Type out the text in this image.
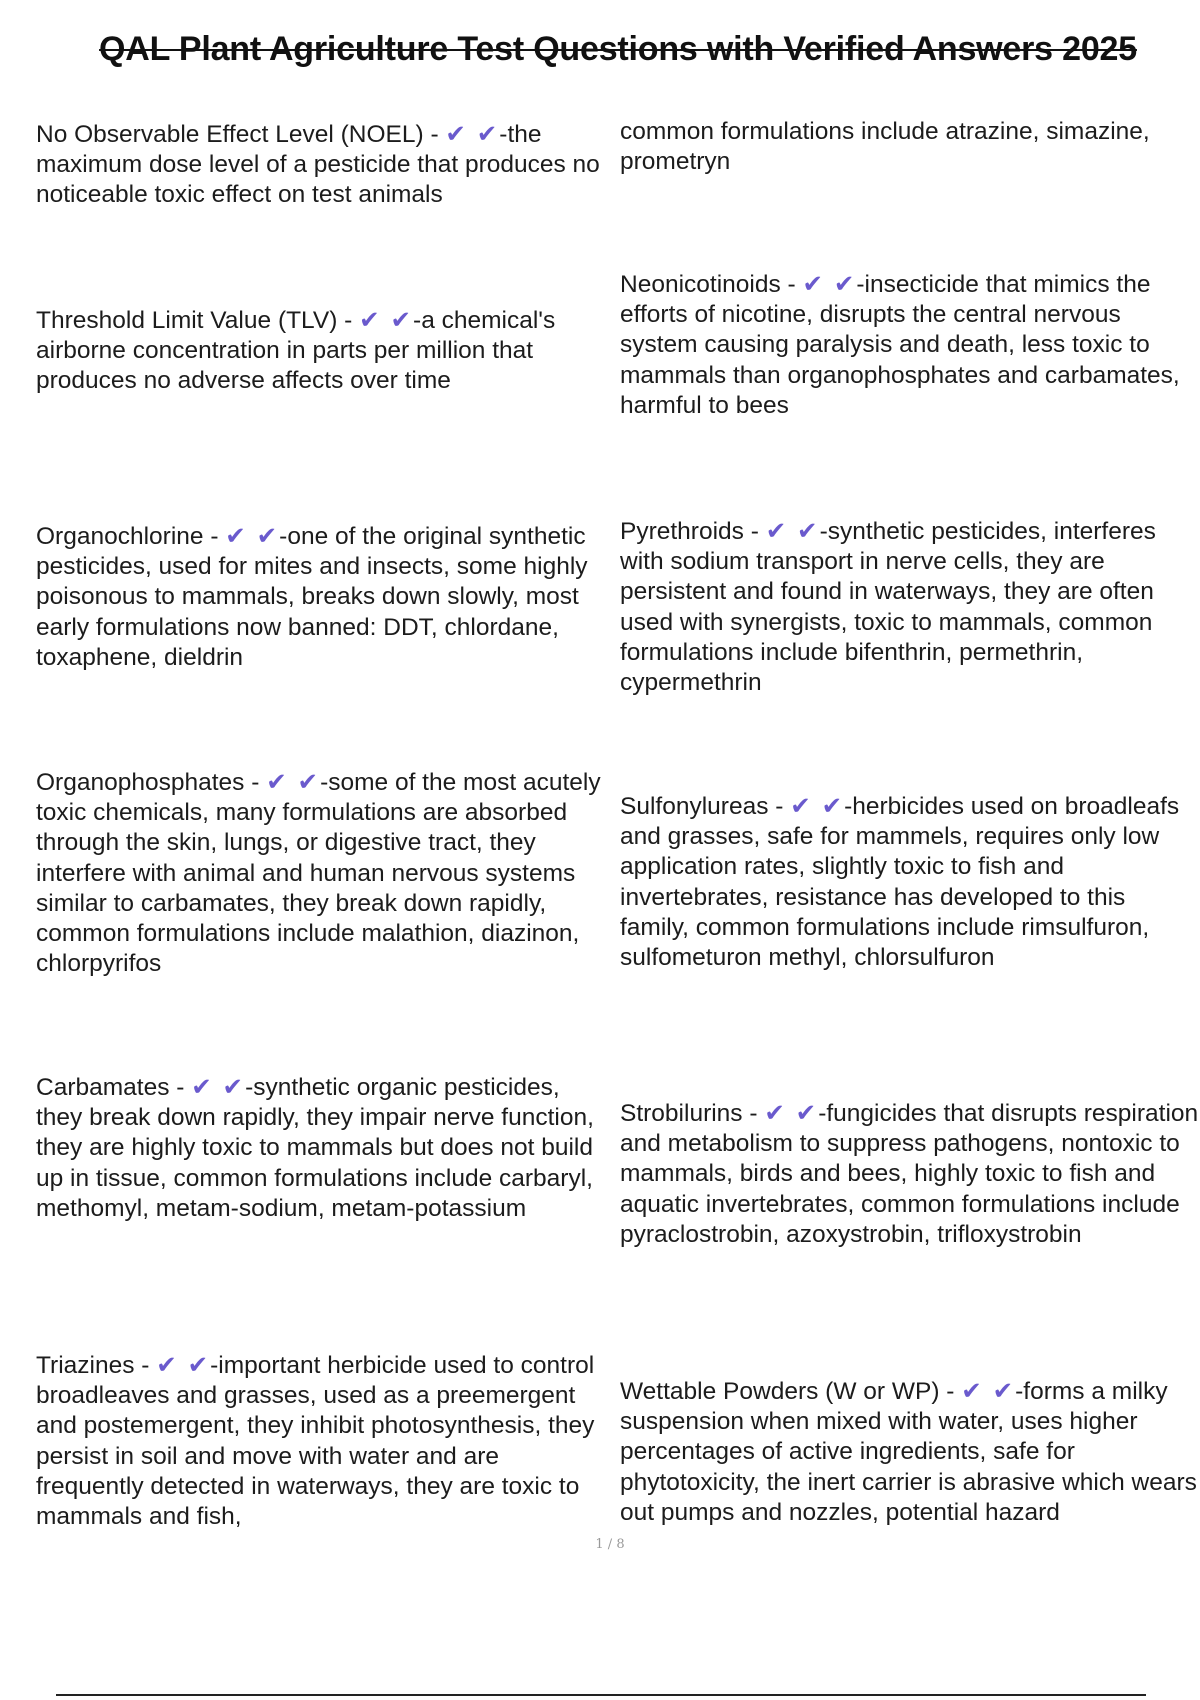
QAL Plant Agriculture Test Questions with Verified Answers 2025
No Observable Effect Level (NOEL) - ✔ ✔-the maximum dose level of a pesticide that produces no noticeable toxic effect on test animals
common formulations include atrazine, simazine, prometryn
Threshold Limit Value (TLV) - ✔ ✔-a chemical's airborne concentration in parts per million that produces no adverse affects over time
Neonicotinoids - ✔ ✔-insecticide that mimics the efforts of nicotine, disrupts the central nervous system causing paralysis and death, less toxic to mammals than organophosphates and carbamates, harmful to bees
Organochlorine - ✔ ✔-one of the original synthetic pesticides, used for mites and insects, some highly poisonous to mammals, breaks down slowly, most early formulations now banned: DDT, chlordane, toxaphene, dieldrin
Pyrethroids - ✔ ✔-synthetic pesticides, interferes with sodium transport in nerve cells, they are persistent and found in waterways, they are often used with synergists, toxic to mammals, common formulations include bifenthrin, permethrin, cypermethrin
Organophosphates - ✔ ✔-some of the most acutely toxic chemicals, many formulations are absorbed through the skin, lungs, or digestive tract, they interfere with animal and human nervous systems similar to carbamates, they break down rapidly, common formulations include malathion, diazinon, chlorpyrifos
Sulfonylureas - ✔ ✔-herbicides used on broadleafs and grasses, safe for mammels, requires only low application rates, slightly toxic to fish and invertebrates, resistance has developed to this family, common formulations include rimsulfuron, sulfometuron methyl, chlorsulfuron
Carbamates - ✔ ✔-synthetic organic pesticides, they break down rapidly, they impair nerve function, they are highly toxic to mammals but does not build up in tissue, common formulations include carbaryl, methomyl, metam-sodium, metam-potassium
Strobilurins - ✔ ✔-fungicides that disrupts respiration and metabolism to suppress pathogens, nontoxic to mammals, birds and bees, highly toxic to fish and aquatic invertebrates, common formulations include pyraclostrobin, azoxystrobin, trifloxystrobin
Triazines - ✔ ✔-important herbicide used to control broadleaves and grasses, used as a preemergent and postemergent, they inhibit photosynthesis, they persist in soil and move with water and are frequently detected in waterways, they are toxic to mammals and fish,
Wettable Powders (W or WP) - ✔ ✔-forms a milky suspension when mixed with water, uses higher percentages of active ingredients, safe for phytotoxicity, the inert carrier is abrasive which wears out pumps and nozzles, potential hazard
1 / 8
